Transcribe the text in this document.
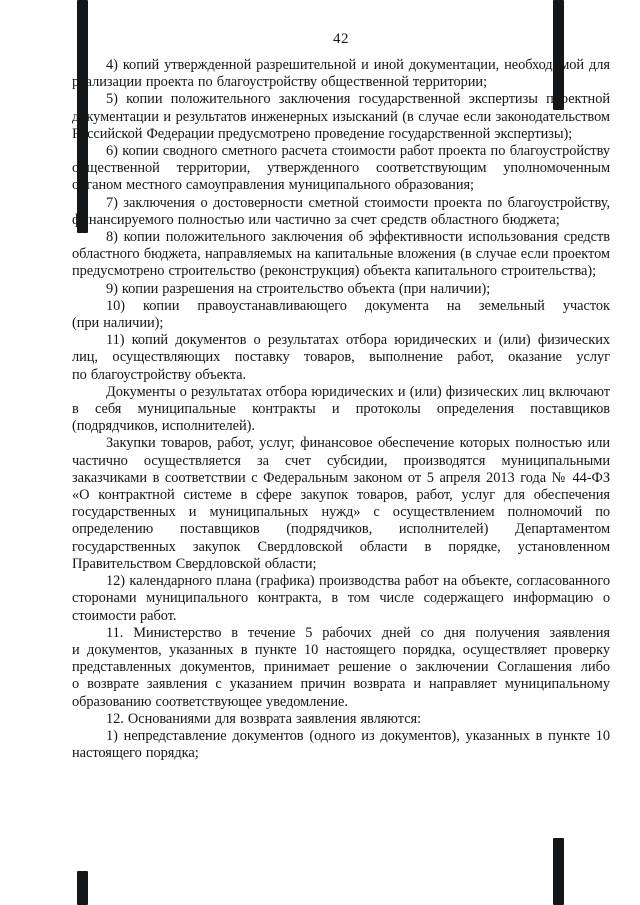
42

4) копий утвержденной разрешительной и иной документации, необходимой для реализации проекта по благоустройству общественной территории;

5) копии положительного заключения государственной экспертизы проектной документации и результатов инженерных изысканий (в случае если законодательством Российской Федерации предусмотрено проведение государственной экспертизы);

6) копии сводного сметного расчета стоимости работ проекта по благоустройству общественной территории, утвержденного соответствующим уполномоченным органом местного самоуправления муниципального образования;

7) заключения о достоверности сметной стоимости проекта по благоустройству, финансируемого полностью или частично за счет средств областного бюджета;

8) копии положительного заключения об эффективности использования средств областного бюджета, направляемых на капитальные вложения (в случае если проектом предусмотрено строительство (реконструкция) объекта капитального строительства);

9) копии разрешения на строительство объекта (при наличии);

10) копии правоустанавливающего документа на земельный участок (при наличии);

11) копий документов о результатах отбора юридических и (или) физических лиц, осуществляющих поставку товаров, выполнение работ, оказание услуг по благоустройству объекта.

Документы о результатах отбора юридических и (или) физических лиц включают в себя муниципальные контракты и протоколы определения поставщиков (подрядчиков, исполнителей).

Закупки товаров, работ, услуг, финансовое обеспечение которых полностью или частично осуществляется за счет субсидии, производятся муниципальными заказчиками в соответствии с Федеральным законом от 5 апреля 2013 года № 44-ФЗ «О контрактной системе в сфере закупок товаров, работ, услуг для обеспечения государственных и муниципальных нужд» с осуществлением полномочий по определению поставщиков (подрядчиков, исполнителей) Департаментом государственных закупок Свердловской области в порядке, установленном Правительством Свердловской области;

12) календарного плана (графика) производства работ на объекте, согласованного сторонами муниципального контракта, в том числе содержащего информацию о стоимости работ.

11. Министерство в течение 5 рабочих дней со дня получения заявления и документов, указанных в пункте 10 настоящего порядка, осуществляет проверку представленных документов, принимает решение о заключении Соглашения либо о возврате заявления с указанием причин возврата и направляет муниципальному образованию соответствующее уведомление.

12. Основаниями для возврата заявления являются:

1) непредставление документов (одного из документов), указанных в пункте 10 настоящего порядка;
